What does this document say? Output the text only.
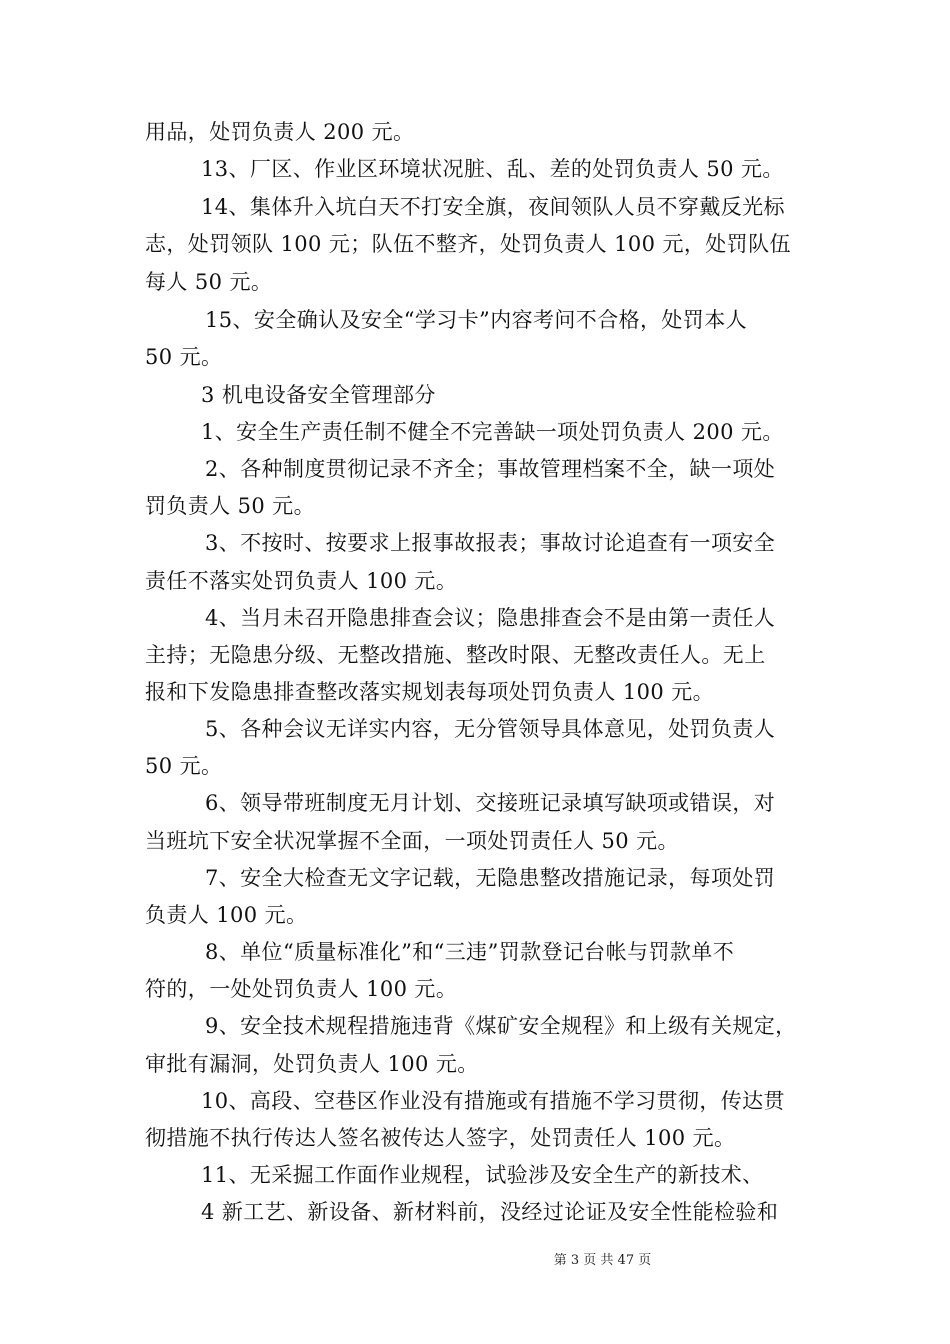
用品，处罚负责人 200 元。
13、厂区、作业区环境状况脏、乱、差的处罚负责人 50 元。
14、集体升入坑白天不打安全旗，夜间领队人员不穿戴反光标
志，处罚领队 100 元；队伍不整齐，处罚负责人 100 元，处罚队伍
每人 50 元。
15、安全确认及安全“学习卡”内容考问不合格，处罚本人
50 元。
3 机电设备安全管理部分
1、安全生产责任制不健全不完善缺一项处罚负责人 200 元。
2、各种制度贯彻记录不齐全；事故管理档案不全，缺一项处
罚负责人 50 元。
3、不按时、按要求上报事故报表；事故讨论追查有一项安全
责任不落实处罚负责人 100 元。
4、当月未召开隐患排查会议；隐患排查会不是由第一责任人
主持；无隐患分级、无整改措施、整改时限、无整改责任人。无上
报和下发隐患排查整改落实规划表每项处罚负责人 100 元。
5、各种会议无详实内容，无分管领导具体意见，处罚负责人
50 元。
6、领导带班制度无月计划、交接班记录填写缺项或错误，对
当班坑下安全状况掌握不全面，一项处罚责任人 50 元。
7、安全大检查无文字记载，无隐患整改措施记录，每项处罚
负责人 100 元。
8、单位“质量标准化”和“三违”罚款登记台帐与罚款单不
符的，一处处罚负责人 100 元。
9、安全技术规程措施违背《煤矿安全规程》和上级有关规定，
审批有漏洞，处罚负责人 100 元。
10、高段、空巷区作业没有措施或有措施不学习贯彻，传达贯
彻措施不执行传达人签名被传达人签字，处罚责任人 100 元。
11、无采掘工作面作业规程，试验涉及安全生产的新技术、
4 新工艺、新设备、新材料前，没经过论证及安全性能检验和
第 3 页 共 47 页
